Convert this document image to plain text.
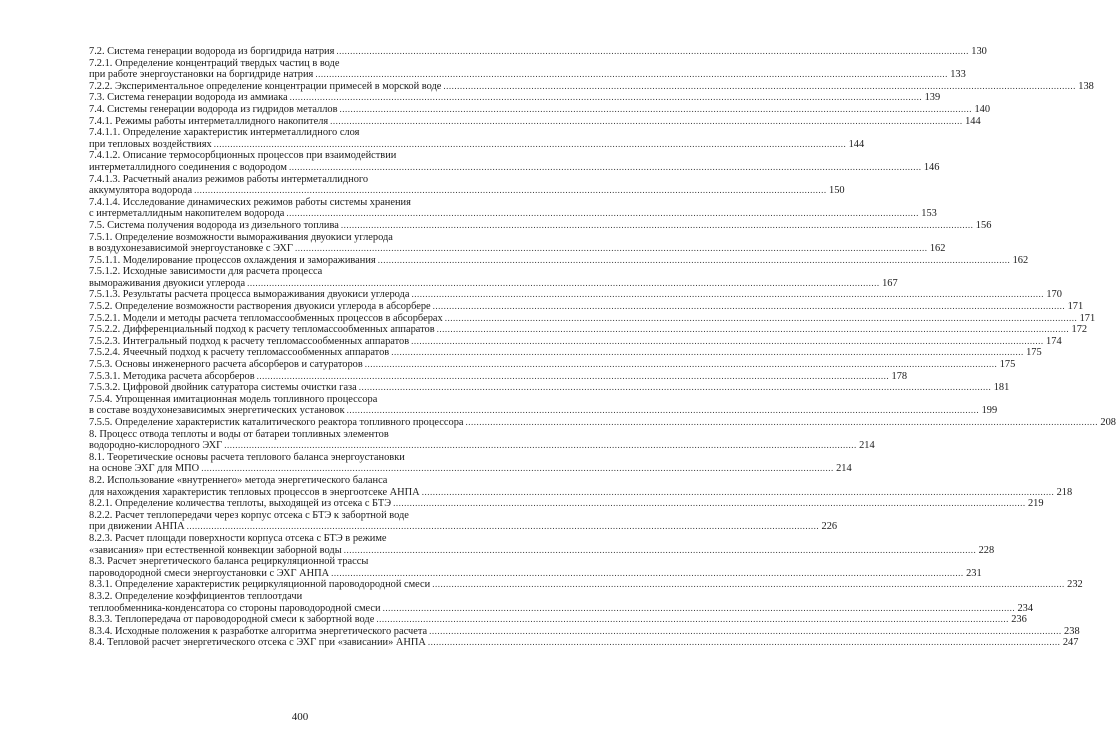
7.2. Система генерации водорода из боргидрида натрия .....	130
7.2.1. Определение концентраций твердых частиц в воде
при работе энергоустановки на боргидриде натрия .....	133
7.2.2. Экспериментальное определение концентрации примесей в морской воде .....	138
7.3. Система генерации водорода из аммиака .....	139
7.4. Системы генерации водорода из гидридов металлов .....	140
7.4.1. Режимы работы интерметаллидного накопителя .....	144
7.4.1.1. Определение характеристик интерметаллидного слоя
при тепловых воздействиях .....	144
7.4.1.2. Описание термосорбционных процессов при взаимодействии
интерметаллидного соединения с водородом .....	146
7.4.1.3. Расчетный анализ режимов работы интерметаллидного
аккумулятора водорода .....	150
7.4.1.4. Исследование динамических режимов работы системы хранения
с интерметаллидным накопителем водорода .....	153
7.5. Система получения водорода из дизельного топлива .....	156
7.5.1. Определение возможности вымораживания двуокиси углерода
в воздухонезависимой энергоустановке с ЭХГ .....	162
7.5.1.1. Моделирование процессов охлаждения и замораживания .....	162
7.5.1.2. Исходные зависимости для расчета процесса
вымораживания двуокиси углерода .....	167
7.5.1.3. Результаты расчета процесса вымораживания двуокиси углерода .....	170
7.5.2. Определение возможности растворения двуокиси углерода в абсорбере .....	171
7.5.2.1. Модели и методы расчета тепломассообменных процессов в абсорберах .....	171
7.5.2.2. Дифференциальный подход к расчету тепломассообменных аппаратов .....	172
7.5.2.3. Интегральный подход к расчету тепломассообменных аппаратов .....	174
7.5.2.4. Ячеечный подход к расчету тепломассообменных аппаратов .....	175
7.5.3. Основы инженерного расчета абсорберов и сатураторов .....	175
7.5.3.1. Методика расчета абсорберов .....	178
7.5.3.2. Цифровой двойник сатуратора системы очистки газа .....	181
7.5.4. Упрощенная имитационная модель топливного процессора
в составе воздухонезависимых энергетических установок .....	199
7.5.5. Определение характеристик каталитического реактора топливного процессора .....	208
8. Процесс отвода теплоты и воды от батареи топливных элементов
водородно-кислородного ЭХГ .....	214
8.1. Теоретические основы расчета теплового баланса энергоустановки
на основе ЭХГ для МПО .....	214
8.2. Использование «внутреннего» метода энергетического баланса
для нахождения характеристик тепловых процессов в энергоотсеке АНПА .....	218
8.2.1. Определение количества теплоты, выходящей из отсека с БТЭ .....	219
8.2.2. Расчет теплопередачи через корпус отсека с БТЭ к забортной воде
при движении АНПА .....	226
8.2.3. Расчет площади поверхности корпуса отсека с БТЭ в режиме
«зависания» при естественной конвекции заборной воды .....	228
8.3. Расчет энергетического баланса рециркуляционной трассы
пароводородной смеси энергоустановки с ЭХГ АНПА .....	231
8.3.1. Определение характеристик рециркуляционной пароводородной смеси .....	232
8.3.2. Определение коэффициентов теплоотдачи
теплообменника-конденсатора со стороны пароводородной смеси .....	234
8.3.3. Теплопередача от пароводородной смеси к забортной воде .....	236
8.3.4. Исходные положения к разработке алгоритма энергетического расчета .....	238
8.4. Тепловой расчет энергетического отсека с ЭХГ при «зависании» АНПА .....	247
400
